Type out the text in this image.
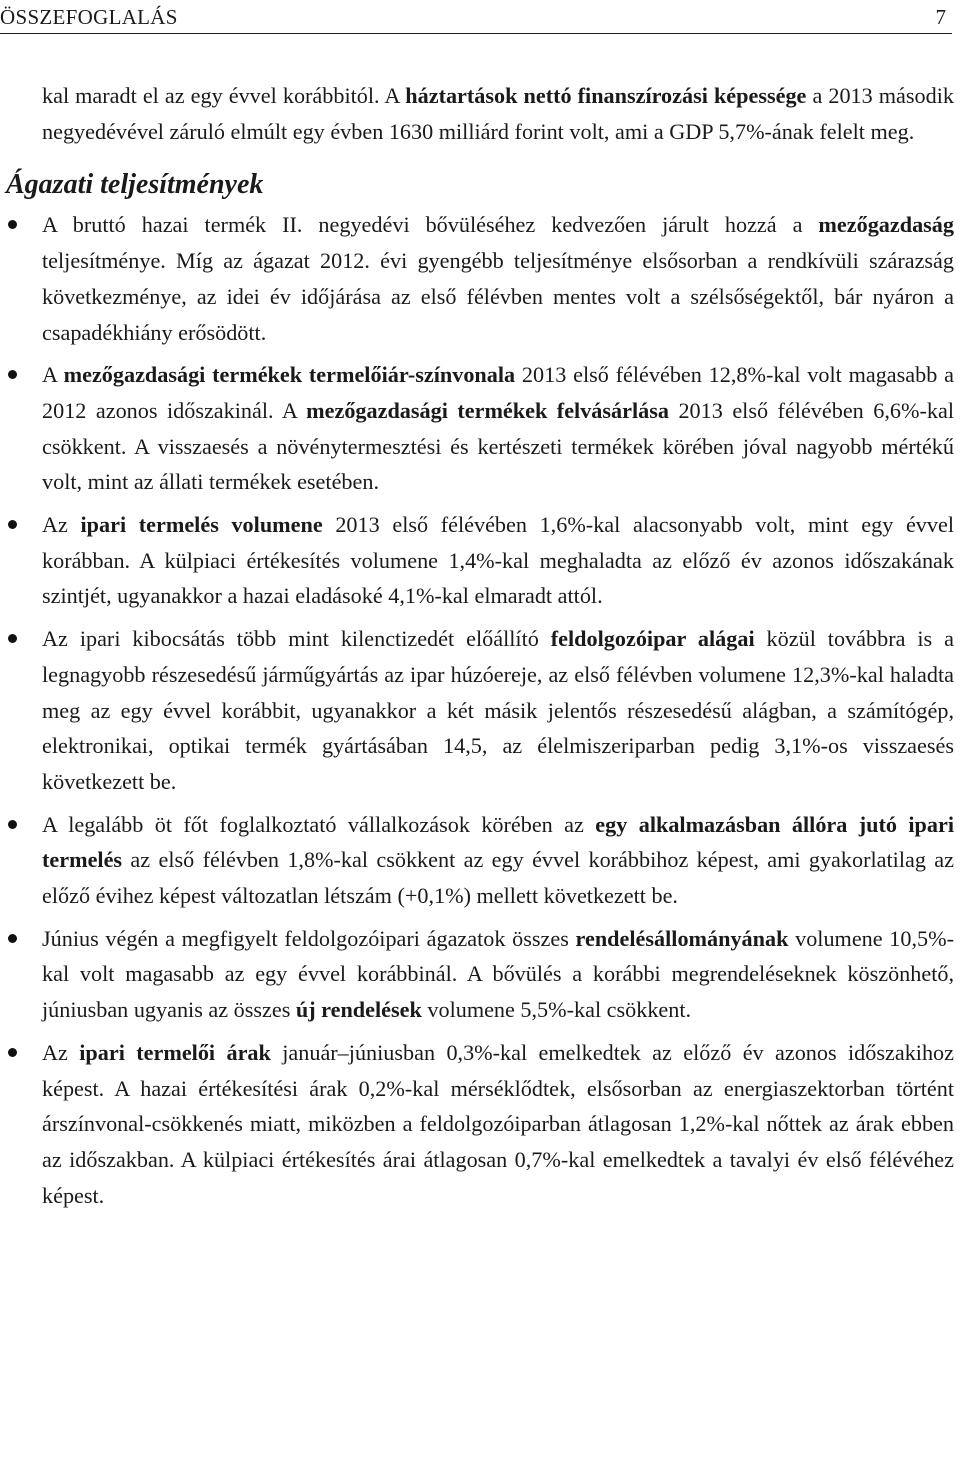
ÖSSZEFOGLALÁS	7

kal maradt el az egy évvel korábbitól. A háztartások nettó finanszírozási képessége a 2013 második negyedévével záruló elmúlt egy évben 1630 milliárd forint volt, ami a GDP 5,7%-ának felelt meg.

Ágazati teljesítmények
A bruttó hazai termék II. negyedévi bővüléséhez kedvezően járult hozzá a mezőgazdaság teljesítménye. Míg az ágazat 2012. évi gyengébb teljesítménye elsősorban a rendkívüli szárazság következménye, az idei év időjárása az első félévben mentes volt a szélsőségektől, bár nyáron a csapadékhiány erősödött.
A mezőgazdasági termékek termelőiár-színvonala 2013 első félévében 12,8%-kal volt magasabb a 2012 azonos időszakinál. A mezőgazdasági termékek felvásárlása 2013 első félévében 6,6%-kal csökkent. A visszaesés a növénytermesztési és kertészeti termékek körében jóval nagyobb mértékű volt, mint az állati termékek esetében.
Az ipari termelés volumene 2013 első félévében 1,6%-kal alacsonyabb volt, mint egy évvel korábban. A külpiaci értékesítés volumene 1,4%-kal meghaladta az előző év azonos időszakának szintjét, ugyanakkor a hazai eladásoké 4,1%-kal elmaradt attól.
Az ipari kibocsátás több mint kilenctizedét előállító feldolgozóipar alágai közül továbbra is a legnagyobb részesedésű járműgyártás az ipar húzóereje, az első félévben volumene 12,3%-kal haladta meg az egy évvel korábbit, ugyanakkor a két másik jelentős részesedésű alágban, a számítógép, elektronikai, optikai termék gyártásában 14,5, az élelmiszeriparban pedig 3,1%-os visszaesés következett be.
A legalább öt főt foglalkoztató vállalkozások körében az egy alkalmazásban állóra jutó ipari termelés az első félévben 1,8%-kal csökkent az egy évvel korábbihoz képest, ami gyakorlatilag az előző évihez képest változatlan létszám (+0,1%) mellett következett be.
Június végén a megfigyelt feldolgozóipari ágazatok összes rendelésállományának volumene 10,5%-kal volt magasabb az egy évvel korábbinál. A bővülés a korábbi megrendeléseknek köszönhető, júniusban ugyanis az összes új rendelések volumene 5,5%-kal csökkent.
Az ipari termelői árak január–júniusban 0,3%-kal emelkedtek az előző év azonos időszakihoz képest. A hazai értékesítési árak 0,2%-kal mérséklődtek, elsősorban az energiaszektorban történt árszínvonal-csökkenés miatt, miközben a feldolgozóiparban átlagosan 1,2%-kal nőttek az árak ebben az időszakban. A külpiaci értékesítés árai átlagosan 0,7%-kal emelkedtek a tavalyi év első félévéhez képest.
